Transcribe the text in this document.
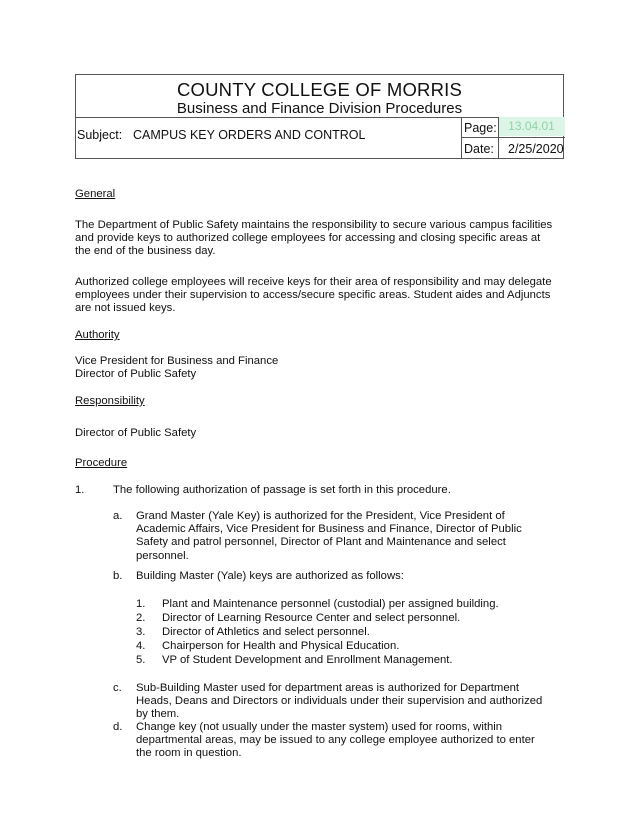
COUNTY COLLEGE OF MORRIS
Business and Finance Division Procedures
Subject: CAMPUS KEY ORDERS AND CONTROL	Page: 13.04.01
Date: 2/25/2020
General
The Department of Public Safety maintains the responsibility to secure various campus facilities and provide keys to authorized college employees for accessing and closing specific areas at the end of the business day.
Authorized college employees will receive keys for their area of responsibility and may delegate employees under their supervision to access/secure specific areas. Student aides and Adjuncts are not issued keys.
Authority
Vice President for Business and Finance
Director of Public Safety
Responsibility
Director of Public Safety
Procedure
1.	The following authorization of passage is set forth in this procedure.
a. Grand Master (Yale Key) is authorized for the President, Vice President of Academic Affairs, Vice President for Business and Finance, Director of Public Safety and patrol personnel, Director of Plant and Maintenance and select personnel.
b. Building Master (Yale) keys are authorized as follows:
1. Plant and Maintenance personnel (custodial) per assigned building.
2. Director of Learning Resource Center and select personnel.
3. Director of Athletics and select personnel.
4. Chairperson for Health and Physical Education.
5. VP of Student Development and Enrollment Management.
c. Sub-Building Master used for department areas is authorized for Department Heads, Deans and Directors or individuals under their supervision and authorized by them.
d. Change key (not usually under the master system) used for rooms, within departmental areas, may be issued to any college employee authorized to enter the room in question.
